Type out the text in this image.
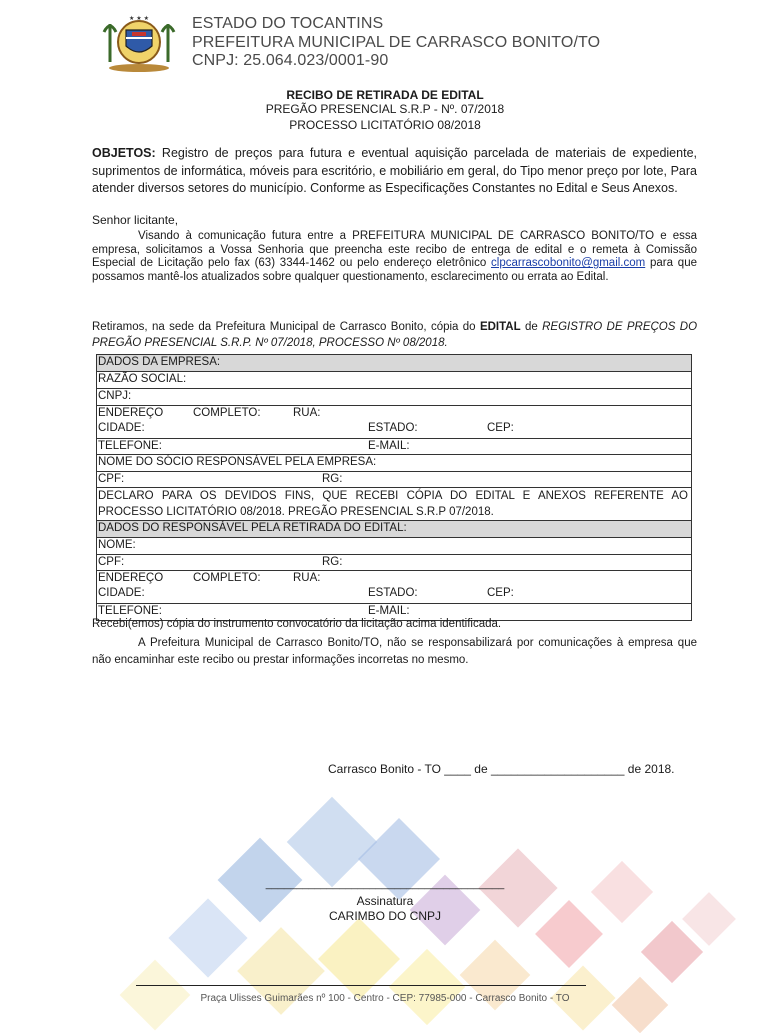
★ ★ ★	ESTADO DO TOCANTINS
PREFEITURA MUNICIPAL DE CARRASCO BONITO/TO
CNPJ: 25.064.023/0001-90
RECIBO DE RETIRADA DE EDITAL
PREGÃO PRESENCIAL S.R.P - Nº. 07/2018
PROCESSO LICITATÓRIO 08/2018
OBJETOS: Registro de preços para futura e eventual aquisição parcelada de materiais de expediente, suprimentos de informática, móveis para escritório, e mobiliário em geral, do Tipo menor preço por lote, Para atender diversos setores do município. Conforme as Especificações Constantes no Edital e Seus Anexos.
Senhor licitante,
Visando à comunicação futura entre a PREFEITURA MUNICIPAL DE CARRASCO BONITO/TO e essa empresa, solicitamos a Vossa Senhoria que preencha este recibo de entrega de edital e o remeta à Comissão Especial de Licitação pelo fax (63) 3344-1462 ou pelo endereço eletrônico clpcarrascobonito@gmail.com para que possamos mantê-los atualizados sobre qualquer questionamento, esclarecimento ou errata ao Edital.
Retiramos, na sede da Prefeitura Municipal de Carrasco Bonito, cópia do EDITAL de REGISTRO DE PREÇOS DO PREGÃO PRESENCIAL S.R.P. Nº 07/2018, PROCESSO Nº 08/2018.
DADOS DA EMPRESA:
RAZÃO SOCIAL:
CNPJ:
ENDEREÇO	COMPLETO:	RUA:
CIDADE:	ESTADO:	CEP:
TELEFONE:	E-MAIL:
NOME DO SÓCIO RESPONSÁVEL PELA EMPRESA:
CPF:	RG:
DECLARO PARA OS DEVIDOS FINS, QUE RECEBI CÓPIA DO EDITAL E ANEXOS REFERENTE AO PROCESSO LICITATÓRIO 08/2018. PREGÃO PRESENCIAL S.R.P 07/2018.
DADOS DO RESPONSÁVEL PELA RETIRADA DO EDITAL:
NOME:
CPF:	RG:
ENDEREÇO	COMPLETO:	RUA:
CIDADE:	ESTADO:	CEP:
TELEFONE:	E-MAIL:
Recebi(emos) cópia do instrumento convocatório da licitação acima identificada.
A Prefeitura Municipal de Carrasco Bonito/TO, não se responsabilizará por comunicações à empresa que não encaminhar este recibo ou prestar informações incorretas no mesmo.
Carrasco Bonito - TO ____ de ____________________ de 2018.
_______________________________________
Assinatura
CARIMBO DO CNPJ
Praça Ulisses Guimarães nº 100 - Centro - CEP: 77985-000 - Carrasco Bonito - TO
